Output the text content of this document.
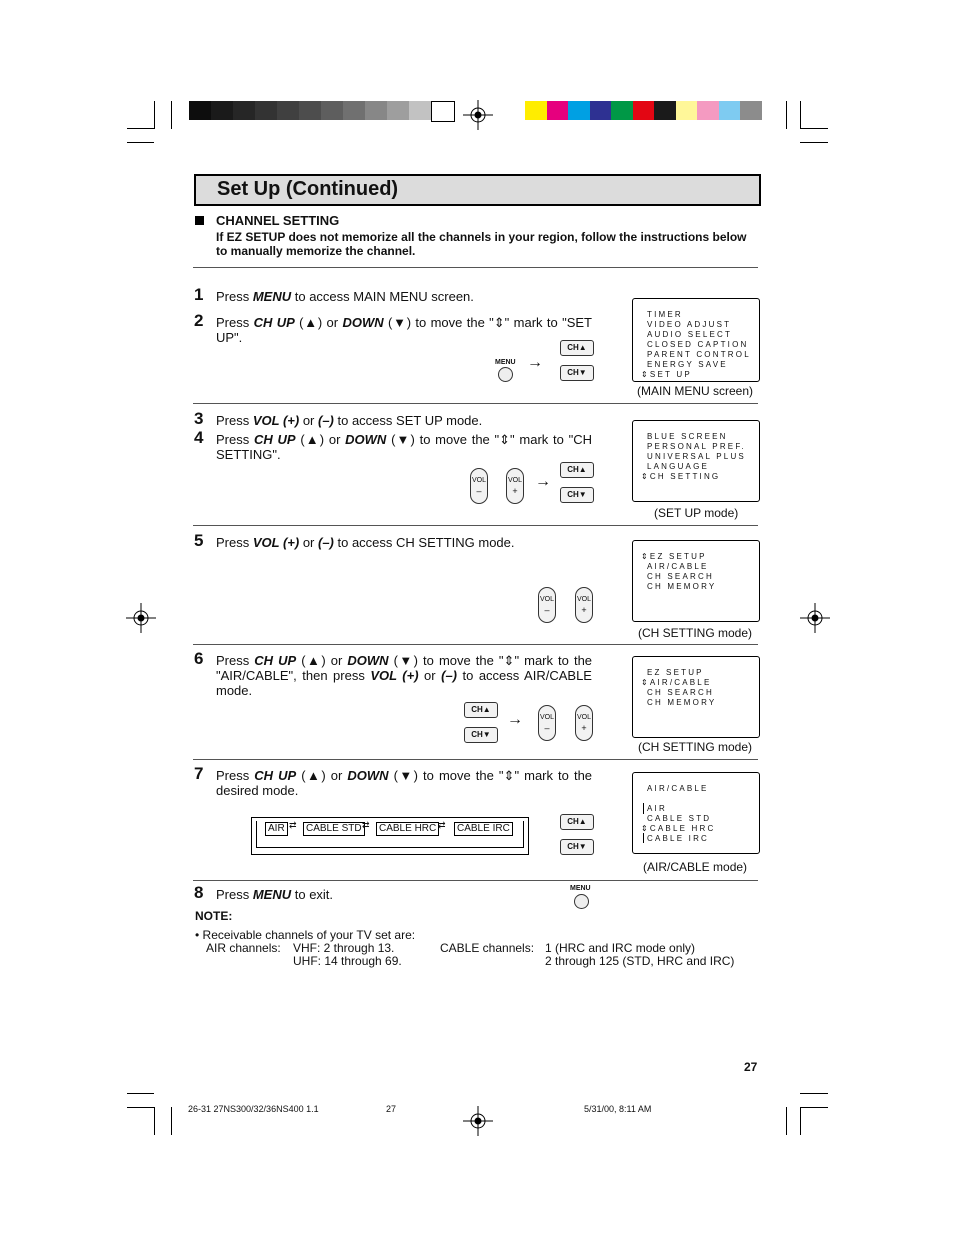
Set Up (Continued)
CHANNEL SETTING
If EZ SETUP does not memorize all the channels in your region, follow the instructions below to manually memorize the channel.
1 Press MENU to access MAIN MENU screen.
2 Press CH UP (▲) or DOWN (▼) to move the "⇕" mark to "SET UP".
MENU →
CH▲
CH▼
TIMER
VIDEO ADJUST
AUDIO SELECT
CLOSED CAPTION
PARENT CONTROL
ENERGY SAVE
⇕SET UP
(MAIN MENU screen)
3 Press VOL (+) or (–) to access SET UP mode.
4 Press CH UP (▲) or DOWN (▼) to move the "⇕" mark to "CH SETTING".
VOL
–
VOL
+
→
CH▲
CH▼
BLUE SCREEN
PERSONAL PREF.
UNIVERSAL PLUS
LANGUAGE
⇕CH SETTING
(SET UP mode)
5 Press VOL (+) or (–) to access CH SETTING mode.
VOL
–
VOL
+
⇕EZ SETUP
AIR/CABLE
CH SEARCH
CH MEMORY
(CH SETTING mode)
6 Press CH UP (▲) or DOWN (▼) to move the "⇕" mark to the "AIR/CABLE", then press VOL (+) or (–) to access AIR/CABLE mode.
CH▲
CH▼
→ VOL
–
VOL
+
EZ SETUP
⇕AIR/CABLE
CH SEARCH
CH MEMORY
(CH SETTING mode)
7 Press CH UP (▲) or DOWN (▼) to move the "⇕" mark to the desired mode.
AIR ⇄ CABLE STD ⇄ CABLE HRC ⇄	CABLE IRC
CH▲
CH▼
AIR/CABLE
AIR
CABLE STD
⇕CABLE HRC
CABLE IRC
(AIR/CABLE mode)
8 Press MENU to exit.	MENU
NOTE:
• Receivable channels of your TV set are:
AIR channels: VHF: 2 through 13.
UHF: 14 through 69.
CABLE channels: 1 (HRC and IRC mode only)
2 through 125 (STD, HRC and IRC)
27
26-31 27NS300/32/36NS400 1.1	27	5/31/00, 8:11 AM
